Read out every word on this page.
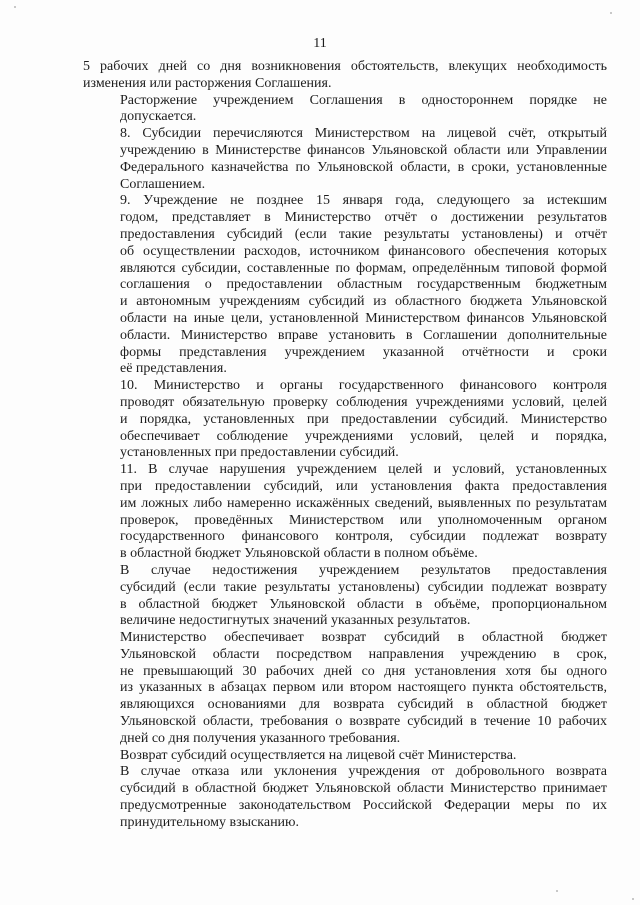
11

5 рабочих дней со дня возникновения обстоятельств, влекущих необходимость
изменения или расторжения Соглашения.

Расторжение учреждением Соглашения в одностороннем порядке не
допускается.

8. Субсидии перечисляются Министерством на лицевой счёт, открытый
учреждению в Министерстве финансов Ульяновской области или Управлении
Федерального казначейства по Ульяновской области, в сроки, установленные
Соглашением.

9. Учреждение не позднее 15 января года, следующего за истекшим
годом, представляет в Министерство отчёт о достижении результатов
предоставления субсидий (если такие результаты установлены) и отчёт
об осуществлении расходов, источником финансового обеспечения которых
являются субсидии, составленные по формам, определённым типовой формой
соглашения о предоставлении областным государственным бюджетным
и автономным учреждениям субсидий из областного бюджета Ульяновской
области на иные цели, установленной Министерством финансов Ульяновской
области. Министерство вправе установить в Соглашении дополнительные
формы представления учреждением указанной отчётности и сроки
её представления.

10. Министерство и органы государственного финансового контроля
проводят обязательную проверку соблюдения учреждениями условий, целей
и порядка, установленных при предоставлении субсидий. Министерство
обеспечивает соблюдение учреждениями условий, целей и порядка,
установленных при предоставлении субсидий.

11. В случае нарушения учреждением целей и условий, установленных
при предоставлении субсидий, или установления факта предоставления
им ложных либо намеренно искажённых сведений, выявленных по результатам
проверок, проведённых Министерством или уполномоченным органом
государственного финансового контроля, субсидии подлежат возврату
в областной бюджет Ульяновской области в полном объёме.

В случае недостижения учреждением результатов предоставления
субсидий (если такие результаты установлены) субсидии подлежат возврату
в областной бюджет Ульяновской области в объёме, пропорциональном
величине недостигнутых значений указанных результатов.

Министерство обеспечивает возврат субсидий в областной бюджет
Ульяновской области посредством направления учреждению в срок,
не превышающий 30 рабочих дней со дня установления хотя бы одного
из указанных в абзацах первом или втором настоящего пункта обстоятельств,
являющихся основаниями для возврата субсидий в областной бюджет
Ульяновской области, требования о возврате субсидий в течение 10 рабочих
дней со дня получения указанного требования.

Возврат субсидий осуществляется на лицевой счёт Министерства.

В случае отказа или уклонения учреждения от добровольного возврата
субсидий в областной бюджет Ульяновской области Министерство принимает
предусмотренные законодательством Российской Федерации меры по их
принудительному взысканию.
